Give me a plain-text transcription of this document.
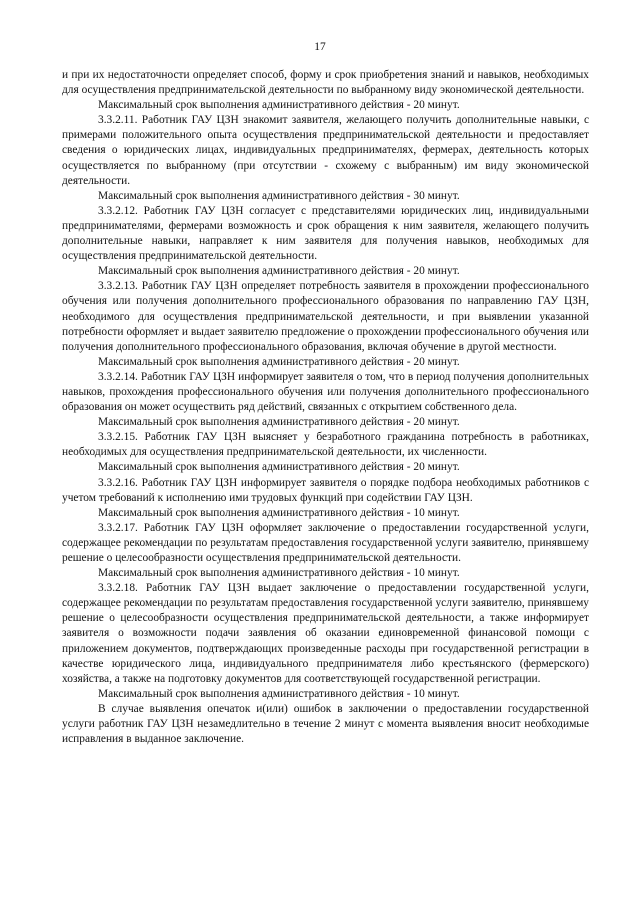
17

и при их недостаточности определяет способ, форму и срок приобретения знаний и навыков, необходимых для осуществления предпринимательской деятельности по выбранному виду экономической деятельности.

Максимальный срок выполнения административного действия - 20 минут.

3.3.2.11. Работник ГАУ ЦЗН знакомит заявителя, желающего получить дополнительные навыки, с примерами положительного опыта осуществления предпринимательской деятельности и предоставляет сведения о юридических лицах, индивидуальных предпринимателях, фермерах, деятельность которых осуществляется по выбранному (при отсутствии - схожему с выбранным) им виду экономической деятельности.

Максимальный срок выполнения административного действия - 30 минут.

3.3.2.12. Работник ГАУ ЦЗН согласует с представителями юридических лиц, индивидуальными предпринимателями, фермерами возможность и срок обращения к ним заявителя, желающего получить дополнительные навыки, направляет к ним заявителя для получения навыков, необходимых для осуществления предпринимательской деятельности.

Максимальный срок выполнения административного действия - 20 минут.

3.3.2.13. Работник ГАУ ЦЗН определяет потребность заявителя в прохождении профессионального обучения или получения дополнительного профессионального образования по направлению ГАУ ЦЗН, необходимого для осуществления предпринимательской деятельности, и при выявлении указанной потребности оформляет и выдает заявителю предложение о прохождении профессионального обучения или получения дополнительного профессионального образования, включая обучение в другой местности.

Максимальный срок выполнения административного действия - 20 минут.

3.3.2.14. Работник ГАУ ЦЗН информирует заявителя о том, что в период получения дополнительных навыков, прохождения профессионального обучения или получения дополнительного профессионального образования он может осуществить ряд действий, связанных с открытием собственного дела.

Максимальный срок выполнения административного действия - 20 минут.

3.3.2.15. Работник ГАУ ЦЗН выясняет у безработного гражданина потребность в работниках, необходимых для осуществления предпринимательской деятельности, их численности.

Максимальный срок выполнения административного действия - 20 минут.

3.3.2.16. Работник ГАУ ЦЗН информирует заявителя о порядке подбора необходимых работников с учетом требований к исполнению ими трудовых функций при содействии ГАУ ЦЗН.

Максимальный срок выполнения административного действия - 10 минут.

3.3.2.17. Работник ГАУ ЦЗН оформляет заключение о предоставлении государственной услуги, содержащее рекомендации по результатам предоставления государственной услуги заявителю, принявшему решение о целесообразности осуществления предпринимательской деятельности.

Максимальный срок выполнения административного действия - 10 минут.

3.3.2.18. Работник ГАУ ЦЗН выдает заключение о предоставлении государственной услуги, содержащее рекомендации по результатам предоставления государственной услуги заявителю, принявшему решение о целесообразности осуществления предпринимательской деятельности, а также информирует заявителя о возможности подачи заявления об оказании единовременной финансовой помощи с приложением документов, подтверждающих произведенные расходы при государственной регистрации в качестве юридического лица, индивидуального предпринимателя либо крестьянского (фермерского) хозяйства, а также на подготовку документов для соответствующей государственной регистрации.

Максимальный срок выполнения административного действия - 10 минут.

В случае выявления опечаток и(или) ошибок в заключении о предоставлении государственной услуги работник ГАУ ЦЗН незамедлительно в течение 2 минут с момента выявления вносит необходимые исправления в выданное заключение.
